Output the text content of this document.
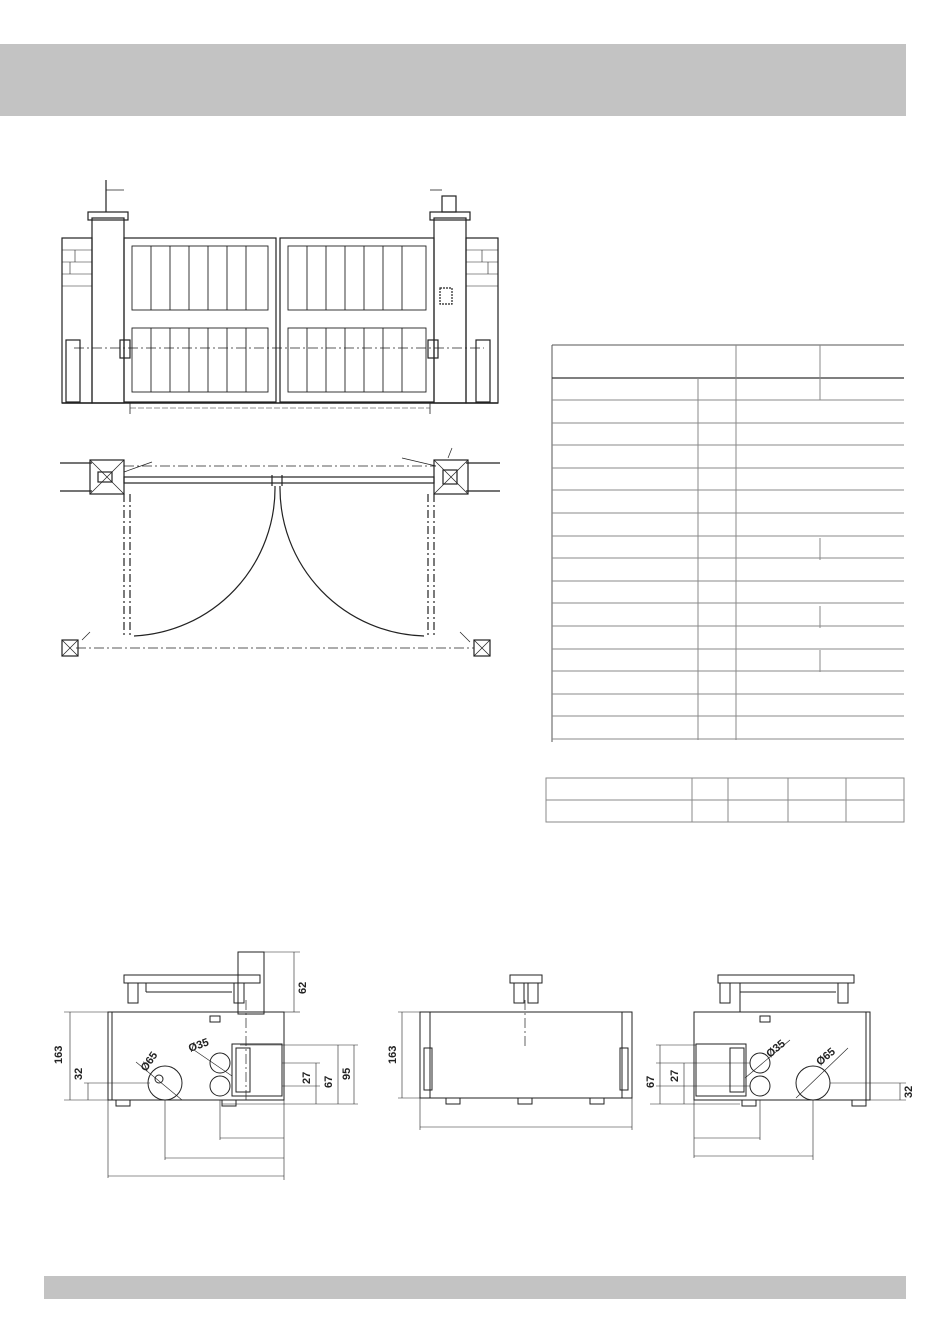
163
62
32	27 67
95
Ø65
Ø35
163
67 27
32
Ø35 Ø65
